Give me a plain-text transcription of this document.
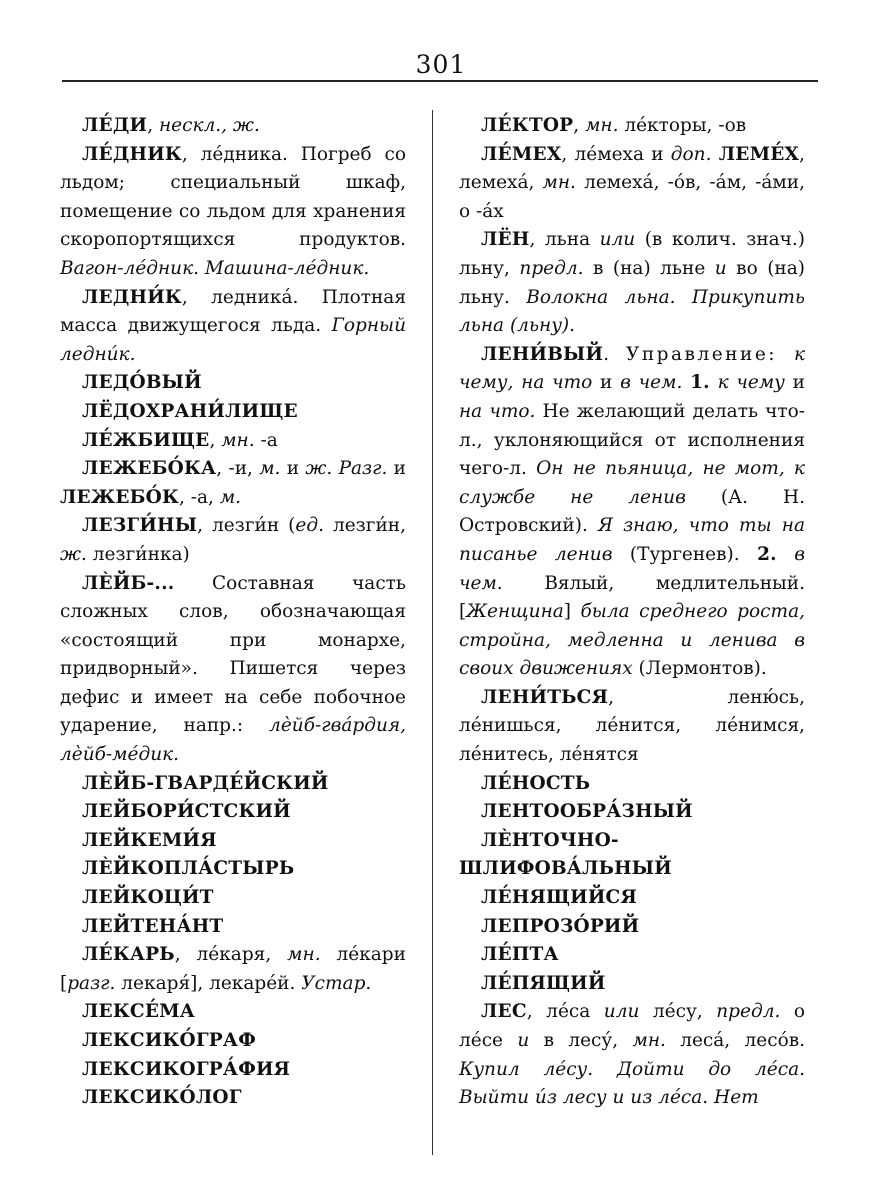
301

ЛЕ́ДИ, нескл., ж.

ЛЕ́ДНИК, ле́дника. Погреб со льдом; специальный шкаф, помещение со льдом для хранения скоропортящихся продуктов. Вагон-ле́дник. Машина-ле́дник.

ЛЕДНИ́К, ледника́. Плотная масса движущегося льда. Горный ледни́к.

ЛЕДО́ВЫЙ

ЛЁДОХРАНИ́ЛИЩЕ

ЛЕ́ЖБИЩЕ, мн. -а

ЛЕЖЕБО́КА, -и, м. и ж. Разг. и ЛЕЖЕБО́К, -а, м.

ЛЕЗГИ́НЫ, лезги́н (ед. лезги́н, ж. лезги́нка)

ЛЀЙБ-... Составная часть сложных слов, обозначающая «состоящий при монархе, придворный». Пишется через дефис и имеет на себе побочное ударение, напр.: лѐйб-гва́рдия, лѐйб-ме́дик.

ЛЀЙБ-ГВАРДЕ́ЙСКИЙ

ЛЕЙБОРИ́СТСКИЙ

ЛЕЙКЕМИ́Я

ЛЀЙКОПЛА́СТЫРЬ

ЛЕЙКОЦИ́Т

ЛЕЙТЕНА́НТ

ЛЕ́КАРЬ, ле́каря, мн. ле́кари [разг. лекаря́], лекаре́й. Устар.

ЛЕКСЕ́МА

ЛЕКСИКО́ГРАФ

ЛЕКСИКОГРА́ФИЯ

ЛЕКСИКО́ЛОГ

ЛЕ́КТОР, мн. ле́кторы, -ов

ЛЕ́МЕХ, ле́меха и доп. ЛЕМЕ́Х, лемеха́, мн. лемеха́, -о́в, -а́м, -а́ми, о -а́х

ЛЁН, льна или (в колич. знач.) льну, предл. в (на) льне и во (на) льну. Волокна льна. Прикупить льна (льну).

ЛЕНИ́ВЫЙ. Управление: к чему, на что и в чем. 1. к чему и на что. Не желающий делать что-л., уклоняющийся от исполнения чего-л. Он не пьяница, не мот, к службе не ленив (А. Н. Островский). Я знаю, что ты на писанье ленив (Тургенев). 2. в чем. Вялый, медлительный. [Женщина] была среднего роста, стройна, медленна и ленива в своих движениях (Лермонтов).

ЛЕНИ́ТЬСЯ, леню́сь, ле́нишься, ле́нится, ле́нимся, ле́нитесь, ле́нятся

ЛЕ́НОСТЬ

ЛЕНТООБРА́ЗНЫЙ

ЛЀНТОЧНО-ШЛИФОВА́ЛЬНЫЙ

ЛЕ́НЯЩИЙСЯ

ЛЕПРОЗО́РИЙ

ЛЕ́ПТА

ЛЕ́ПЯЩИЙ

ЛЕС, ле́са или ле́су, предл. о ле́се и в лесу́, мн. леса́, лесо́в. Купил ле́су. Дойти до ле́са. Выйти и́з лесу и из ле́са. Нет
